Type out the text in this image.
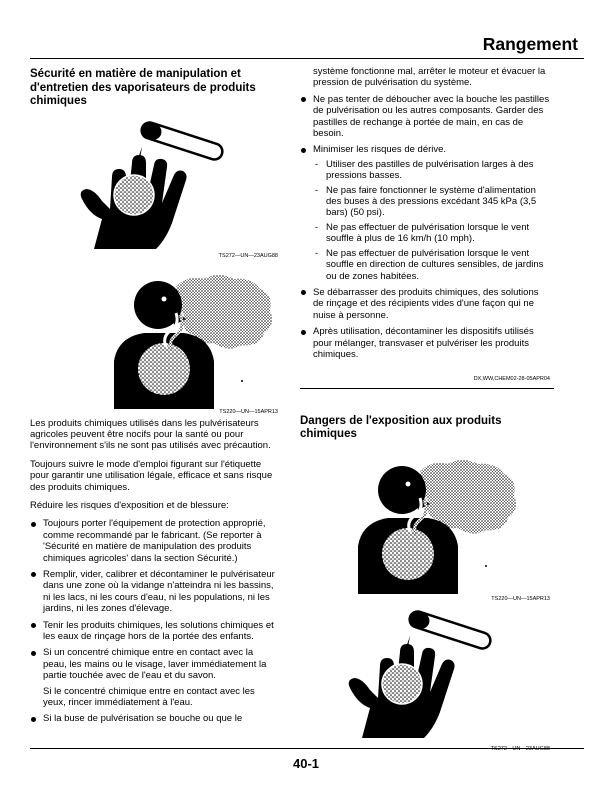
Rangement
Sécurité en matière de manipulation et d'entretien des vaporisateurs de produits chimiques
TS272—UN—23AUG88
TS220—UN—15APR13

Les produits chimiques utilisés dans les pulvérisateurs agricoles peuvent être nocifs pour la santé ou pour l'environnement s'ils ne sont pas utilisés avec précaution.

Toujours suivre le mode d'emploi figurant sur l'étiquette pour garantir une utilisation légale, efficace et sans risque des produits chimiques.

Réduire les risques d'exposition et de blessure:

Toujours porter l'équipement de protection approprié, comme recommandé par le fabricant. (Se reporter à 'Sécurité en matière de manipulation des produits chimiques agricoles' dans la section Sécurité.)
Remplir, vider, calibrer et décontaminer le pulvérisateur dans une zone où la vidange n'atteindra ni les bassins, ni les lacs, ni les cours d'eau, ni les populations, ni les jardins, ni les zones d'élevage.
Tenir les produits chimiques, les solutions chimiques et les eaux de rinçage hors de la portée des enfants.
Si un concentré chimique entre en contact avec la peau, les mains ou le visage, laver immédiatement la partie touchée avec de l'eau et du savon.
Si le concentré chimique entre en contact avec les yeux, rincer immédiatement à l'eau.
Si la buse de pulvérisation se bouche ou que le
système fonctionne mal, arrêter le moteur et évacuer la pression de pulvérisation du système.
Ne pas tenter de déboucher avec la bouche les pastilles de pulvérisation ou les autres composants. Garder des pastilles de rechange à portée de main, en cas de besoin.
Minimiser les risques de dérive.
- Utiliser des pastilles de pulvérisation larges à des pressions basses.
- Ne pas faire fonctionner le système d'alimentation des buses à des pressions excédant 345 kPa (3,5 bars) (50 psi).
- Ne pas effectuer de pulvérisation lorsque le vent souffle à plus de 16 km/h (10 mph).
- Ne pas effectuer de pulvérisation lorsque le vent souffle en direction de cultures sensibles, de jardins ou de zones habitées.
Se débarrasser des produits chimiques, des solutions de rinçage et des récipients vides d'une façon qui ne nuise à personne.
Après utilisation, décontaminer les dispositifs utilisés pour mélanger, transvaser et pulvériser les produits chimiques.
DX,WW,CHEM02-28-05APR04
Dangers de l'exposition aux produits chimiques
TS220—UN—15APR13
TS272—UN—23AUG88
40-1
